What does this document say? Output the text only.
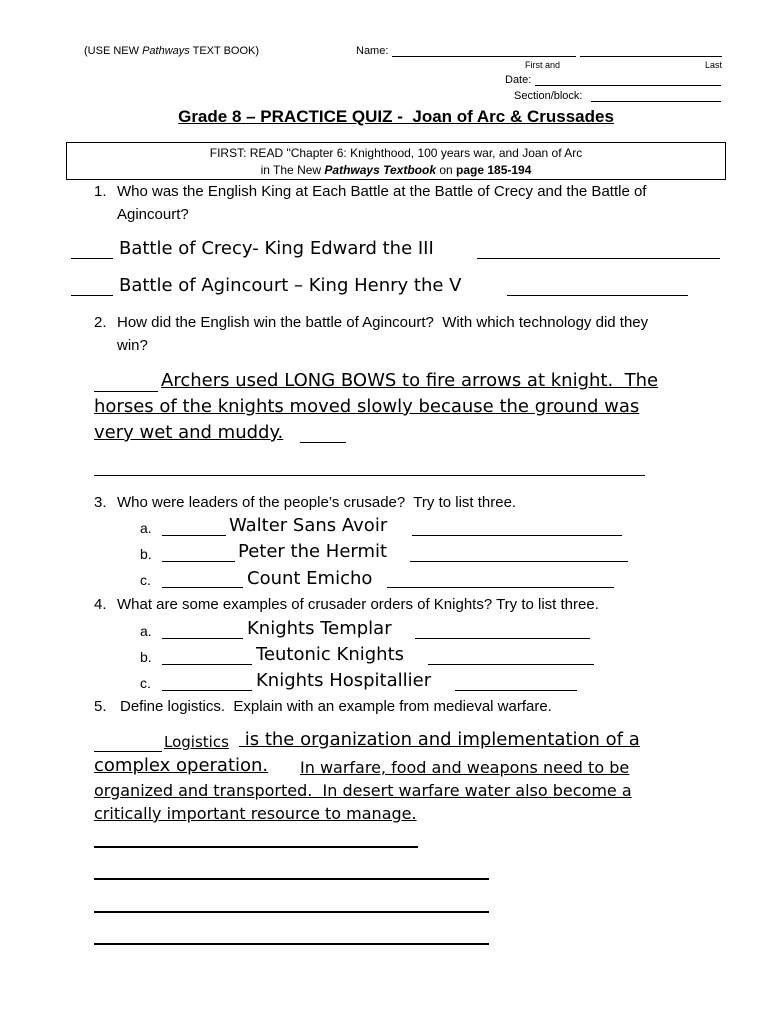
(USE NEW Pathways TEXT BOOK)	Name:
First and	Last
Date:
Section/block:
Grade 8 – PRACTICE QUIZ -  Joan of Arc & Crussades
FIRST: READ "Chapter 6: Knighthood, 100 years war, and Joan of Arc
in The New Pathways Textbook on page 185-194
1. Who was the English King at Each Battle at the Battle of Crecy and the Battle of
Agincourt?
Battle of Crecy- King Edward the III
Battle of Agincourt – King Henry the V
2. How did the English win the battle of Agincourt?  With which technology did they
win?
Archers used LONG BOWS to fire arrows at knight.  The
horses of the knights moved slowly because the ground was
very wet and muddy.
3. Who were leaders of the people’s crusade?  Try to list three.
a.	Walter Sans Avoir
b.	Peter the Hermit
c.	Count Emicho
4. What are some examples of crusader orders of Knights? Try to list three.
a.	Knights Templar
b.	Teutonic Knights
c.	Knights Hospitallier
5. Define logistics.  Explain with an example from medieval warfare.
Logistics is the organization and implementation of a
complex operation. In warfare, food and weapons need to be
organized and transported.  In desert warfare water also become a
critically important resource to manage.
